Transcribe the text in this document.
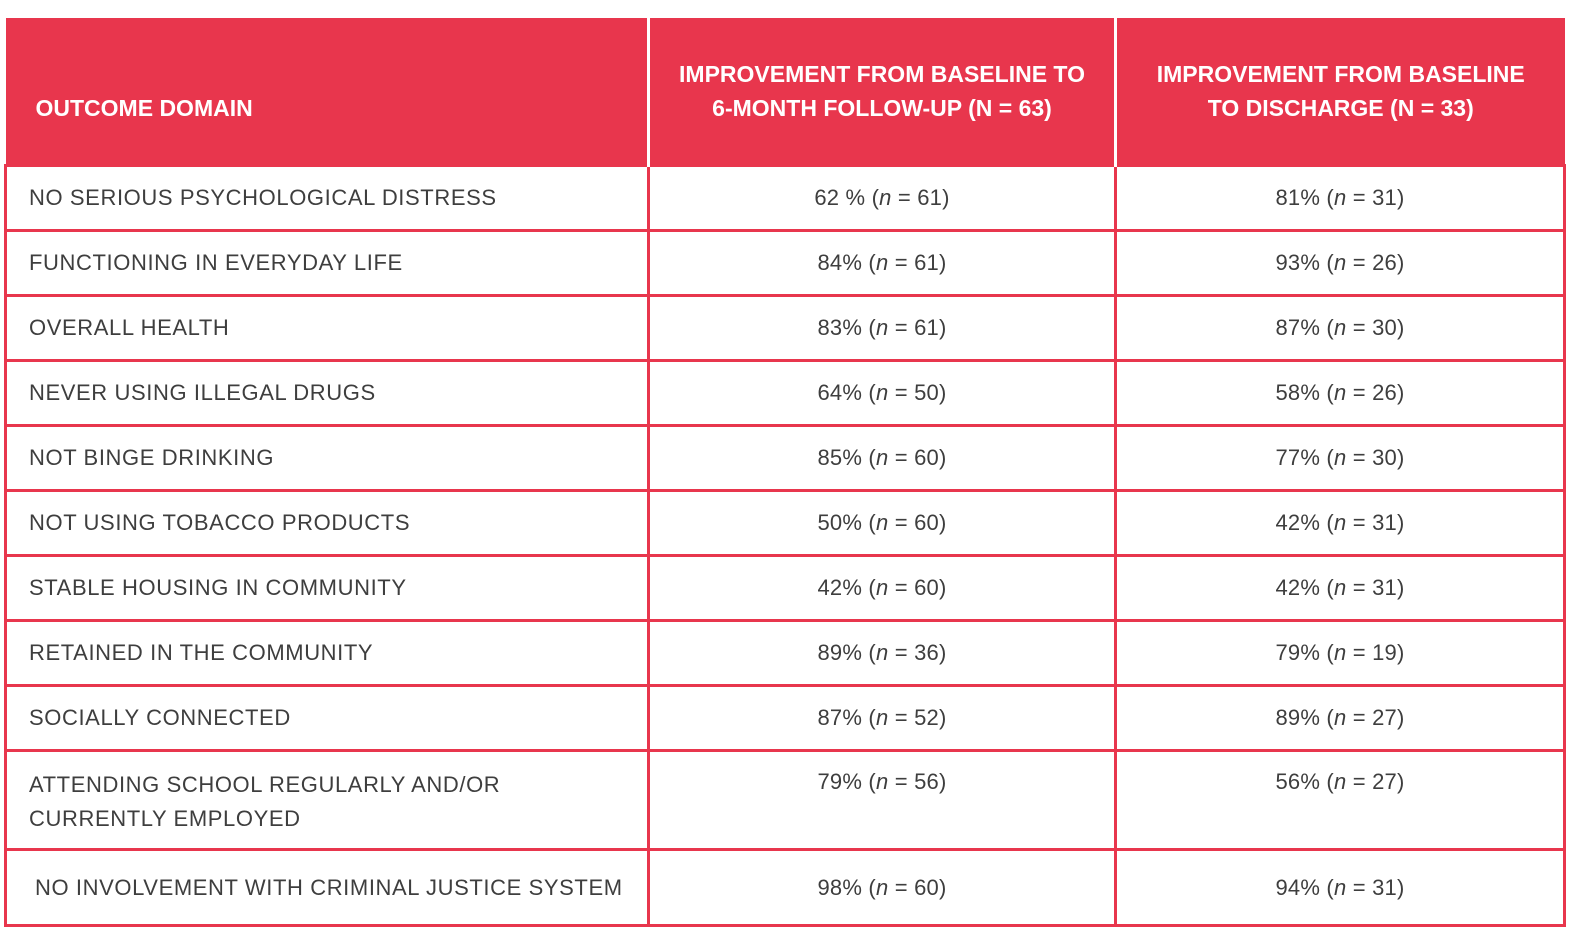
OUTCOME DOMAIN	IMPROVEMENT FROM BASELINE TO 6-MONTH FOLLOW-UP (N = 63)	IMPROVEMENT FROM BASELINE TO DISCHARGE (N = 33)
NO SERIOUS PSYCHOLOGICAL DISTRESS	62 % (n = 61)	81% (n = 31)
FUNCTIONING IN EVERYDAY LIFE	84% (n = 61)	93% (n = 26)
OVERALL HEALTH	83% (n = 61)	87% (n = 30)
NEVER USING ILLEGAL DRUGS	64% (n = 50)	58% (n = 26)
NOT BINGE DRINKING	85% (n = 60)	77% (n = 30)
NOT USING TOBACCO PRODUCTS	50% (n = 60)	42% (n = 31)
STABLE HOUSING IN COMMUNITY	42% (n = 60)	42% (n = 31)
RETAINED IN THE COMMUNITY	89% (n = 36)	79% (n = 19)
SOCIALLY CONNECTED	87% (n = 52)	89% (n = 27)
ATTENDING SCHOOL REGULARLY AND/OR CURRENTLY EMPLOYED	79% (n = 56)	56% (n = 27)
NO INVOLVEMENT WITH CRIMINAL JUSTICE SYSTEM	98% (n = 60)	94% (n = 31)
